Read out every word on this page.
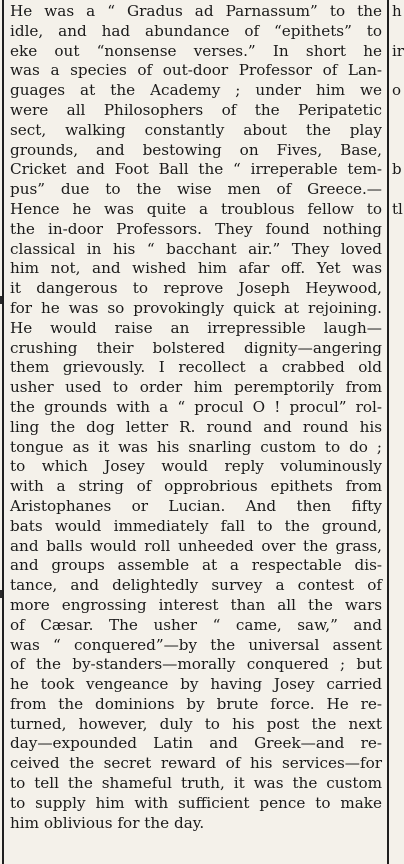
He was a “ Gradus ad Parnassum” to the
idle, and had abundance of “epithets” to
eke out “nonsense verses.” In short he
was a species of out-door Professor of Lan-
guages at the Academy ; under him we
were all Philosophers of the Peripatetic
sect, walking constantly about the play
grounds, and bestowing on Fives, Base,
Cricket and Foot Ball the “ irreperable tem-
pus” due to the wise men of Greece.—
Hence he was quite a troublous fellow to
the in-door Professors. They found nothing
classical in his “ bacchant air.” They loved
him not, and wished him afar off. Yet was
it dangerous to reprove Joseph Heywood,
for he was so provokingly quick at rejoining.
He would raise an irrepressible laugh—
crushing their bolstered dignity—angering
them grievously. I recollect a crabbed old
usher used to order him peremptorily from
the grounds with a “ procul O ! procul” rol-
ling the dog letter R. round and round his
tongue as it was his snarling custom to do ;
to which Josey would reply voluminously
with a string of opprobrious epithets from
Aristophanes or Lucian. And then fifty
bats would immediately fall to the ground,
and balls would roll unheeded over the grass,
and groups assemble at a respectable dis-
tance, and delightedly survey a contest of
more engrossing interest than all the wars
of Cæsar. The usher “ came, saw,” and
was “ conquered”—by the universal assent
of the by-standers—morally conquered ; but
he took vengeance by having Josey carried
from the dominions by brute force. He re-
turned, however, duly to his post the next
day—expounded Latin and Greek—and re-
ceived the secret reward of his services—for
to tell the shameful truth, it was the custom
to supply him with sufficient pence to make
him oblivious for the day.
h
ir
o
b
tl
